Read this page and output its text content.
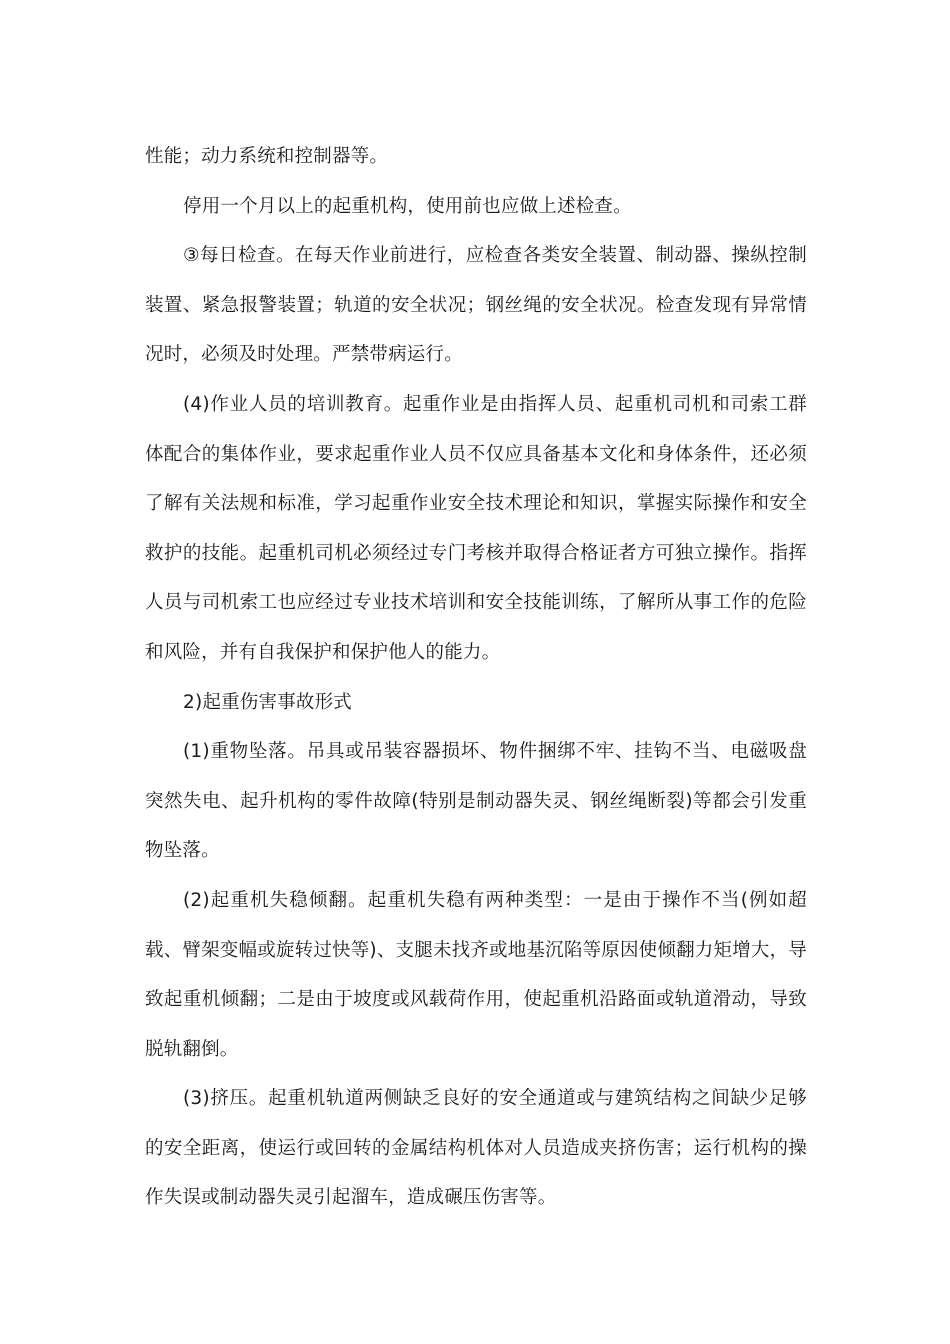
性能；动力系统和控制器等。

停用一个月以上的起重机构，使用前也应做上述检查。

③每日检查。在每天作业前进行，应检查各类安全装置、制动器、操纵控制装置、紧急报警装置；轨道的安全状况；钢丝绳的安全状况。检查发现有异常情况时，必须及时处理。严禁带病运行。

(4)作业人员的培训教育。起重作业是由指挥人员、起重机司机和司索工群体配合的集体作业，要求起重作业人员不仅应具备基本文化和身体条件，还必须了解有关法规和标准，学习起重作业安全技术理论和知识，掌握实际操作和安全救护的技能。起重机司机必须经过专门考核并取得合格证者方可独立操作。指挥人员与司机索工也应经过专业技术培训和安全技能训练，了解所从事工作的危险和风险，并有自我保护和保护他人的能力。

2)起重伤害事故形式

(1)重物坠落。吊具或吊装容器损坏、物件捆绑不牢、挂钩不当、电磁吸盘突然失电、起升机构的零件故障(特别是制动器失灵、钢丝绳断裂)等都会引发重物坠落。

(2)起重机失稳倾翻。起重机失稳有两种类型：一是由于操作不当(例如超载、臂架变幅或旋转过快等)、支腿未找齐或地基沉陷等原因使倾翻力矩增大，导致起重机倾翻；二是由于坡度或风载荷作用，使起重机沿路面或轨道滑动，导致脱轨翻倒。

(3)挤压。起重机轨道两侧缺乏良好的安全通道或与建筑结构之间缺少足够的安全距离，使运行或回转的金属结构机体对人员造成夹挤伤害；运行机构的操作失误或制动器失灵引起溜车，造成碾压伤害等。
